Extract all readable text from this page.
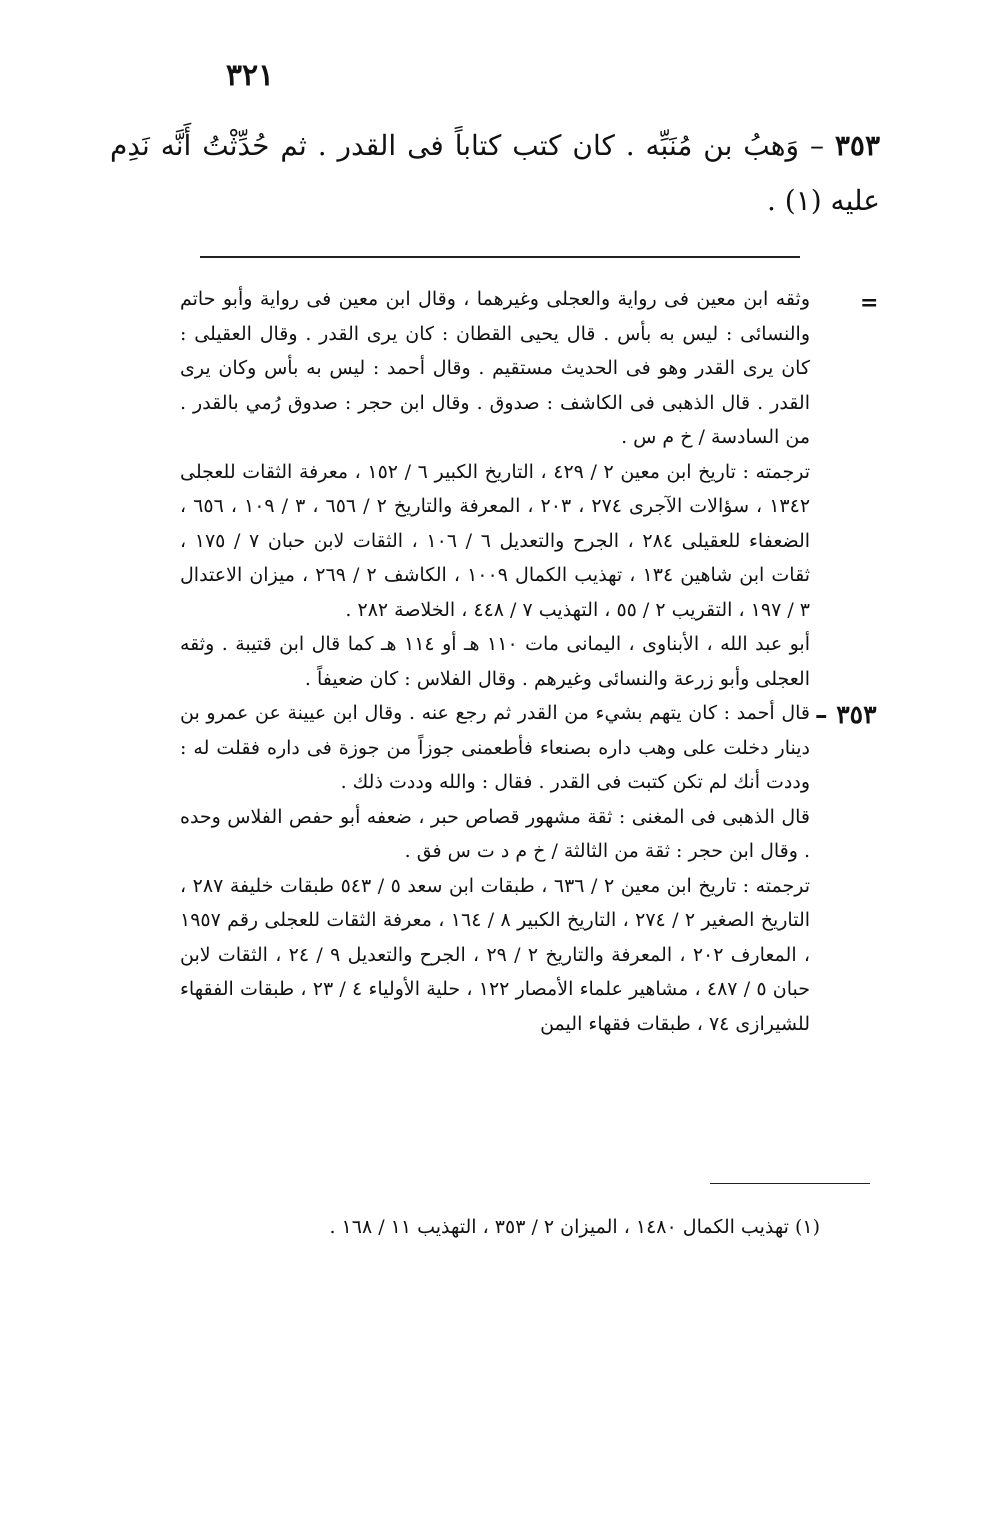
٣٢١
٣٥٣ – وَهبُ بن مُنَبِّه . كان كتب كتاباً فى القدر . ثم حُدِّثْتُ أَنَّه نَدِم عليه (١) .
=
٣٥٣ –

وثقه ابن معين فى رواية والعجلى وغيرهما ، وقال ابن معين فى رواية وأبو حاتم والنسائى : ليس به بأس . قال يحيى القطان : كان يرى القدر . وقال العقيلى : كان يرى القدر وهو فى الحديث مستقيم . وقال أحمد : ليس به بأس وكان يرى القدر . قال الذهبى فى الكاشف : صدوق . وقال ابن حجر : صدوق رُمي بالقدر . من السادسة / خ م س .

ترجمته : تاريخ ابن معين ٢ / ٤٢٩ ، التاريخ الكبير ٦ / ١٥٢ ، معرفة الثقات للعجلى ١٣٤٢ ، سؤالات الآجرى ٢٧٤ ، ٢٠٣ ، المعرفة والتاريخ ٢ / ٦٥٦ ، ٣ / ١٠٩ ، ٦٥٦ ، الضعفاء للعقيلى ٢٨٤ ، الجرح والتعديل ٦ / ١٠٦ ، الثقات لابن حبان ٧ / ١٧٥ ، ثقات ابن شاهين ١٣٤ ، تهذيب الكمال ١٠٠٩ ، الكاشف ٢ / ٢٦٩ ، ميزان الاعتدال ٣ / ١٩٧ ، التقريب ٢ / ٥٥ ، التهذيب ٧ / ٤٤٨ ، الخلاصة ٢٨٢ .

أبو عبد الله ، الأبناوى ، اليمانى مات ١١٠ هـ أو ١١٤ هـ كما قال ابن قتيبة . وثقه العجلى وأبو زرعة والنسائى وغيرهم . وقال الفلاس : كان ضعيفاً .

قال أحمد : كان يتهم بشيء من القدر ثم رجع عنه . وقال ابن عيينة عن عمرو بن دينار دخلت على وهب داره بصنعاء فأطعمنى جوزاً من جوزة فى داره فقلت له : وددت أنك لم تكن كتبت فى القدر . فقال : والله وددت ذلك .

قال الذهبى فى المغنى : ثقة مشهور قصاص حبر ، ضعفه أبو حفص الفلاس وحده . وقال ابن حجر : ثقة من الثالثة / خ م د ت س فق .

ترجمته : تاريخ ابن معين ٢ / ٦٣٦ ، طبقات ابن سعد ٥ / ٥٤٣ طبقات خليفة ٢٨٧ ، التاريخ الصغير ٢ / ٢٧٤ ، التاريخ الكبير ٨ / ١٦٤ ، معرفة الثقات للعجلى رقم ١٩٥٧ ، المعارف ٢٠٢ ، المعرفة والتاريخ ٢ / ٢٩ ، الجرح والتعديل ٩ / ٢٤ ، الثقات لابن حبان ٥ / ٤٨٧ ، مشاهير علماء الأمصار ١٢٢ ، حلية الأولياء ٤ / ٢٣ ، طبقات الفقهاء للشيرازى ٧٤ ، طبقات فقهاء اليمن

(١) تهذيب الكمال ١٤٨٠ ، الميزان ٢ / ٣٥٣ ، التهذيب ١١ / ١٦٨ .
